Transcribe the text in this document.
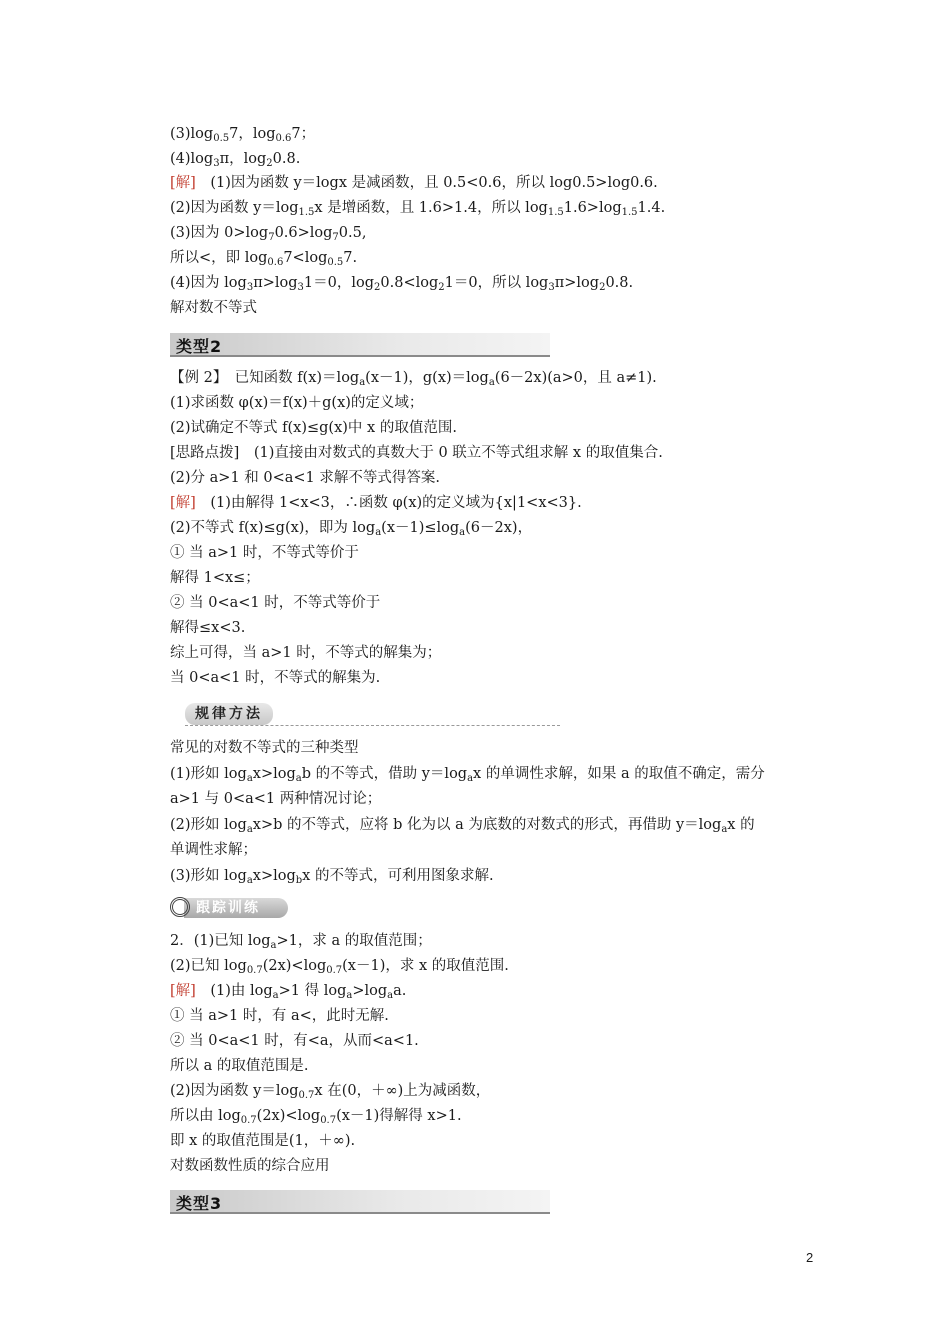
$(3)\log_{0.5}7$，$\log_{0.6}7$；
$(4)\log_3\pi$，$\log_20.8$.
[解]　(1)因为函数 y＝logx 是减函数，且 0.5<0.6，所以 log0.5>log0.6.
(2)因为函数 $y=\log_{1.5}x$ 是增函数，且 1.6>1.4，所以 $\log_{1.5}1.6>\log_{1.5}1.4$.
(3)因为 $0>\log_70.6>\log_70.5$,
所以<，即 $\log_{0.6}7<\log_{0.5}7$.
(4)因为 $\log_3\pi>\log_31=0$，$\log_20.8<\log_21=0$，所以 $\log_3\pi>\log_20.8$.
解对数不等式
类型2
【例 2】　已知函数 $f(x)=\log_a(x-1)$，$g(x)=\log_a(6-2x)(a>0$，且 a≠1).
(1)求函数 φ(x)＝f(x)＋g(x)的定义域；
(2)试确定不等式 f(x)≤g(x)中 x 的取值范围.
[思路点拨]　(1)直接由对数式的真数大于 0 联立不等式组求解 x 的取值集合.
(2)分 a>1 和 0<a<1 求解不等式得答案.
[解]　(1)由解得 1<x<3，∴函数 φ(x)的定义域为{x|1<x<3}.
(2)不等式 f(x)≤g(x)，即为 $\log_a(x-1)\le\log_a(6-2x)$，
① 当 a>1 时，不等式等价于
解得 1<x≤；
② 当 0<a<1 时，不等式等价于
解得≤x<3.
综上可得，当 a>1 时，不等式的解集为；
当 0<a<1 时，不等式的解集为.
规律方法
常见的对数不等式的三种类型
(1)形如 $\log_ax>\log_ab$ 的不等式，借助 $y=\log_ax$ 的单调性求解，如果 a 的取值不确定，需分
a>1 与 0<a<1 两种情况讨论；
(2)形如 $\log_ax>b$ 的不等式，应将 b 化为以 a 为底数的对数式的形式，再借助 $y=\log_ax$ 的
单调性求解；
(3)形如 $\log_ax>\log_bx$ 的不等式，可利用图象求解.
跟踪训练
2．(1)已知 $\log_a>1$，求 a 的取值范围；
(2)已知 $\log_{0.7}(2x)<\log_{0.7}(x-1)$，求 x 的取值范围.
[解]　(1)由 $\log_a>1$ 得 $\log_a>\log_aa$.
① 当 a>1 时，有 a<，此时无解.
② 当 0<a<1 时，有<a，从而<a<1.
所以 a 的取值范围是.
(2)因为函数 $y=\log_{0.7}x$ 在(0，＋∞)上为减函数，
所以由 $\log_{0.7}(2x)<\log_{0.7}(x-1)$得解得 x>1.
即 x 的取值范围是(1，＋∞).
对数函数性质的综合应用
类型3
2
